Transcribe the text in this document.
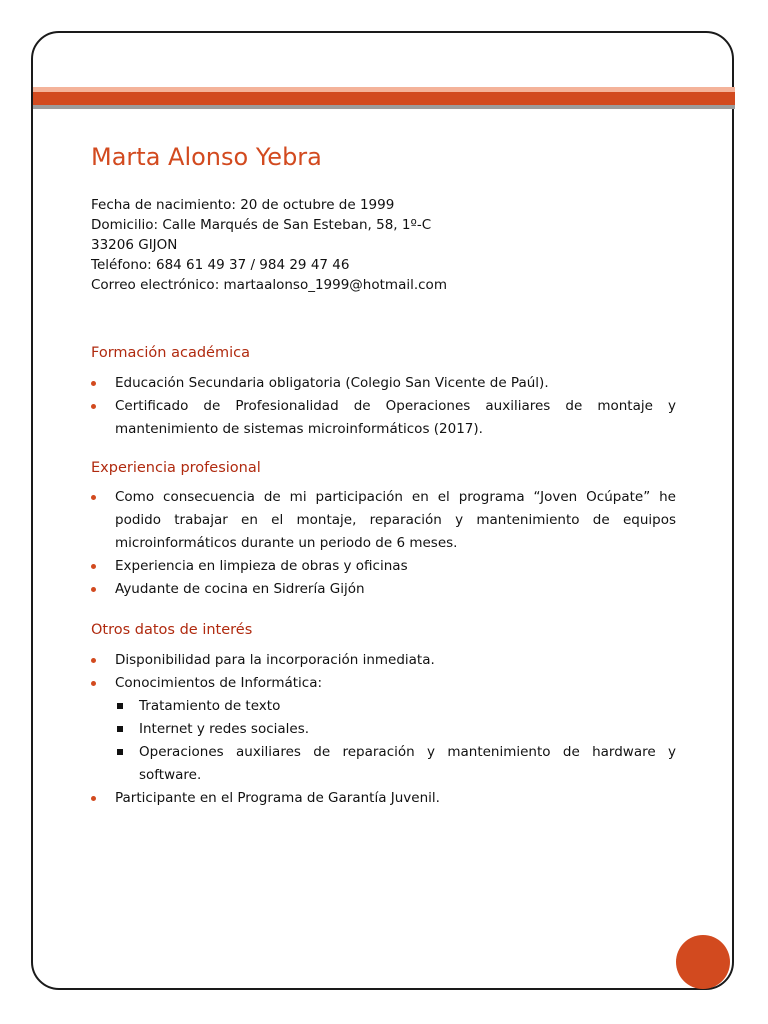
Marta Alonso Yebra
Fecha de nacimiento: 20 de octubre de 1999
Domicilio: Calle Marqués de San Esteban, 58, 1º-C
33206 GIJON
Teléfono: 684 61 49 37 / 984 29 47 46
Correo electrónico: martaalonso_1999@hotmail.com
Formación académica
Educación Secundaria obligatoria (Colegio San Vicente de Paúl).
Certificado de Profesionalidad de Operaciones auxiliares de montaje y mantenimiento de sistemas microinformáticos (2017).
Experiencia profesional
Como consecuencia de mi participación en el programa “Joven Ocúpate” he podido trabajar en el montaje, reparación y mantenimiento de equipos microinformáticos durante un periodo de 6 meses.
Experiencia en limpieza de obras y oficinas
Ayudante de cocina en Sidrería Gijón
Otros datos de interés
Disponibilidad para la incorporación inmediata.
Conocimientos de Informática:
Tratamiento de texto
Internet y redes sociales.
Operaciones auxiliares de reparación y mantenimiento de hardware y software.
Participante en el Programa de Garantía Juvenil.
